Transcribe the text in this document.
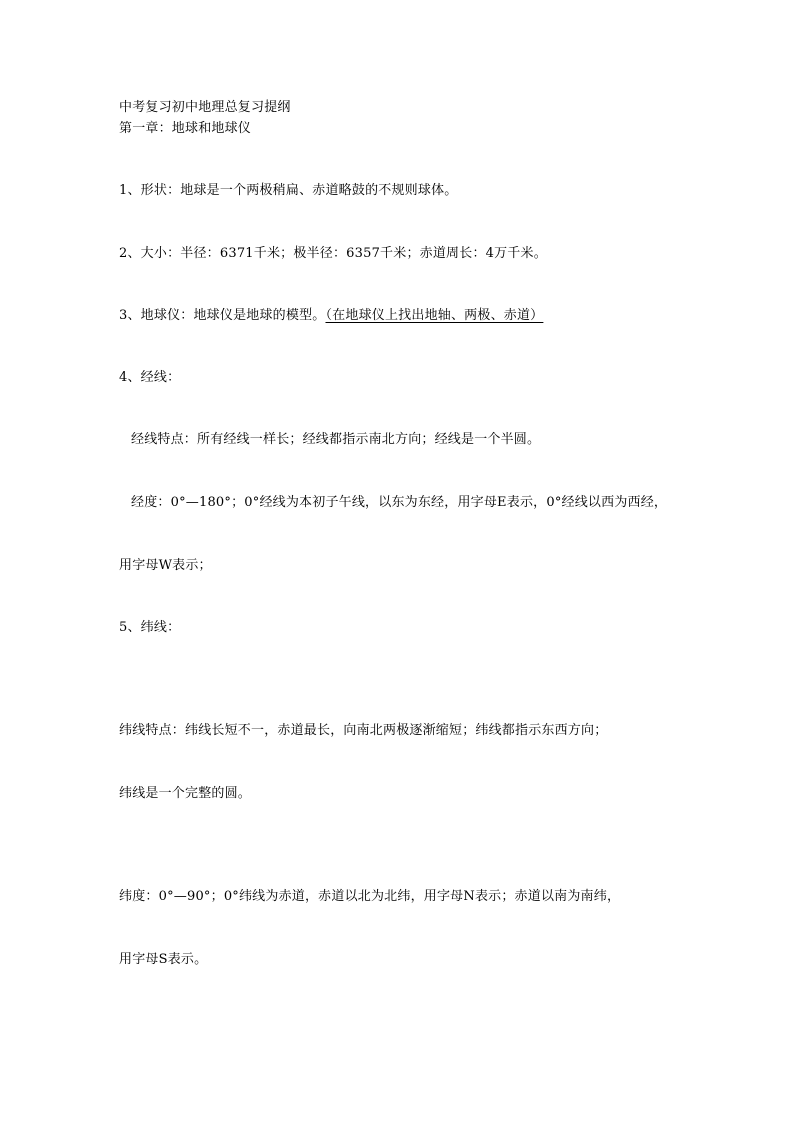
中考复习初中地理总复习提纲
第一章：地球和地球仪
1、形状：地球是一个两极稍扁、赤道略鼓的不规则球体。
2、大小：半径：6371千米；极半径：6357千米；赤道周长：4万千米。
3、地球仪：地球仪是地球的模型。（在地球仪上找出地轴、两极、赤道）
4、经线：
经线特点：所有经线一样长；经线都指示南北方向；经线是一个半圆。
经度：0°—180°；0°经线为本初子午线，以东为东经，用字母E表示，0°经线以西为西经，
用字母W表示；
5、纬线：
纬线特点：纬线长短不一，赤道最长，向南北两极逐渐缩短；纬线都指示东西方向；
纬线是一个完整的圆。
纬度：0°—90°；0°纬线为赤道，赤道以北为北纬，用字母N表示；赤道以南为南纬，
用字母S表示。
